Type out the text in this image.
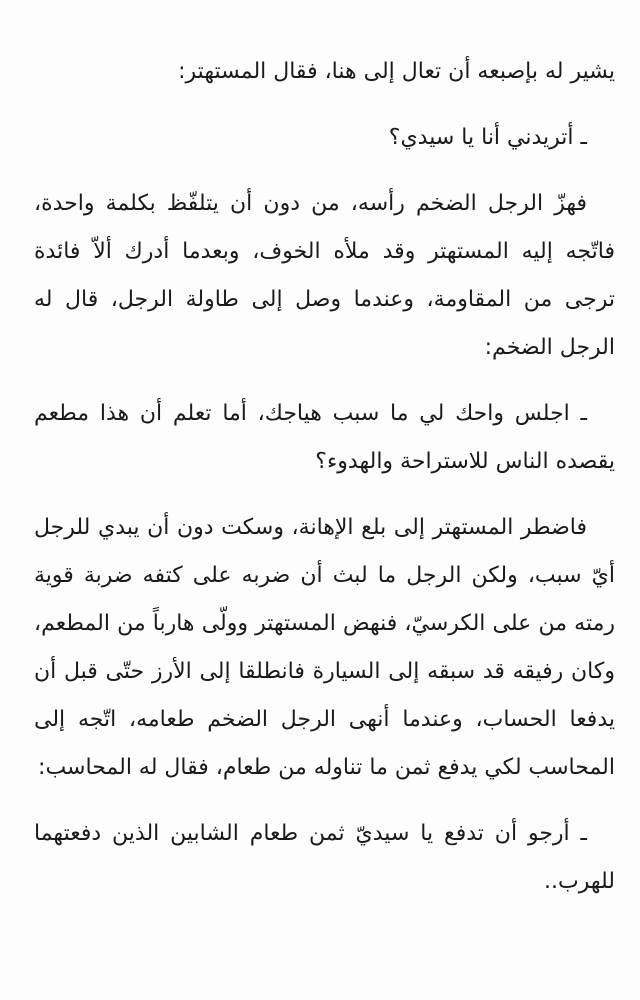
يشير له بإصبعه أن تعال إلى هنا، فقال المستهتر:

ـ أتريدني أنا يا سيدي؟

فهزّ الرجل الضخم رأسه، من دون أن يتلفّظ بكلمة واحدة، فاتّجه إليه المستهتر وقد ملأه الخوف، وبعدما أدرك ألاّ فائدة ترجى من المقاومة، وعندما وصل إلى طاولة الرجل، قال له الرجل الضخم:

ـ اجلس واحك لي ما سبب هياجك، أما تعلم أن هذا مطعم يقصده الناس للاستراحة والهدوء؟

فاضطر المستهتر إلى بلع الإهانة، وسكت دون أن يبدي للرجل أيّ سبب، ولكن الرجل ما لبث أن ضربه على كتفه ضربة قوية رمته من على الكرسيّ، فنهض المستهتر وولّى هارباً من المطعم، وكان رفيقه قد سبقه إلى السيارة فانطلقا إلى الأرز حتّى قبل أن يدفعا الحساب، وعندما أنهى الرجل الضخم طعامه، اتّجه إلى المحاسب لكي يدفع ثمن ما تناوله من طعام، فقال له المحاسب:

ـ أرجو أن تدفع يا سيديّ ثمن طعام الشابين الذين دفعتهما للهرب..
